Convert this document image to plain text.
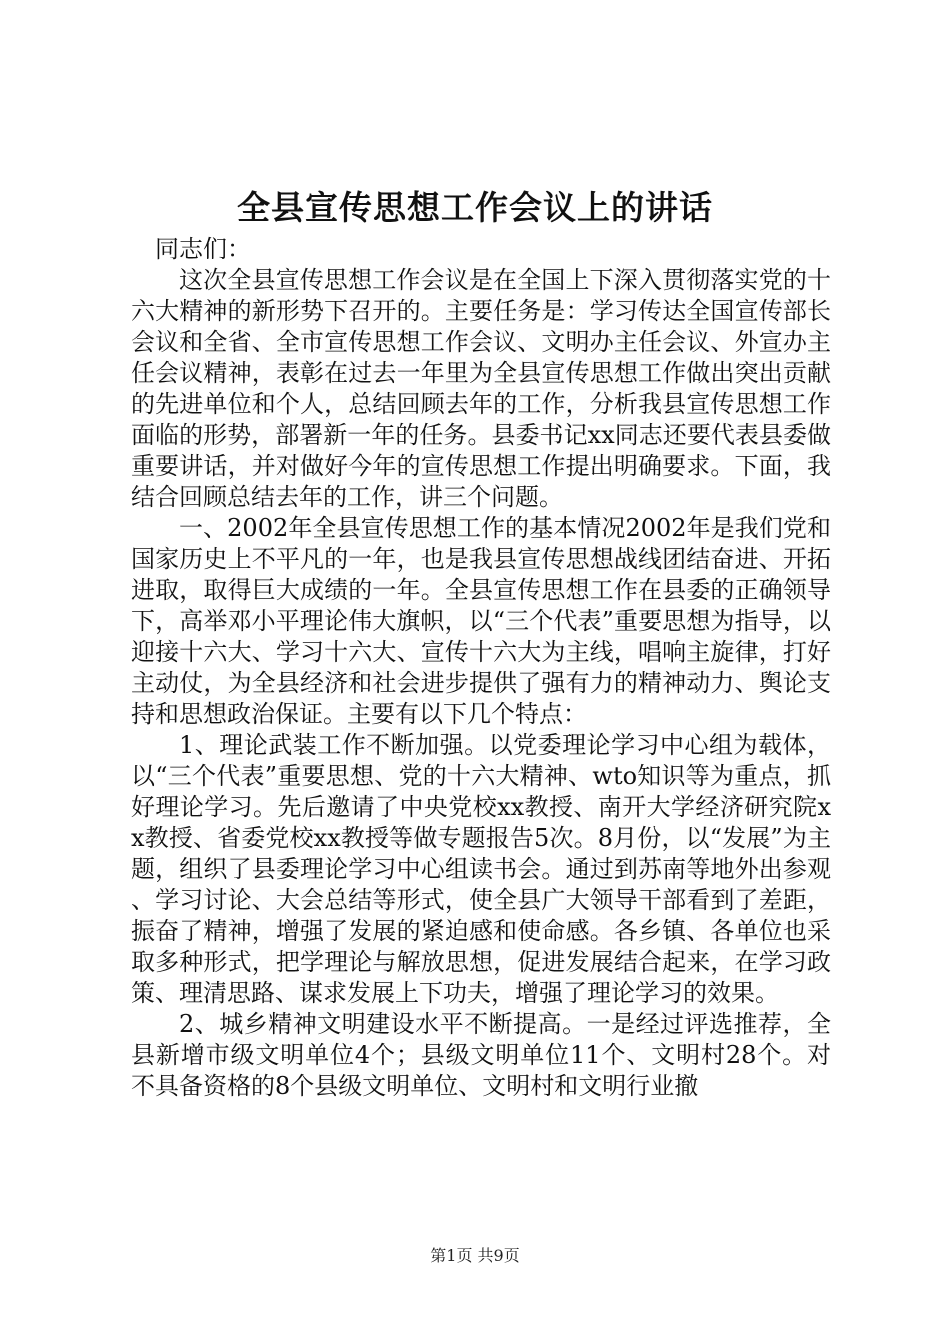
全县宣传思想工作会议上的讲话

同志们：

这次全县宣传思想工作会议是在全国上下深入贯彻落实党的十六大精神的新形势下召开的。主要任务是：学习传达全国宣传部长会议和全省、全市宣传思想工作会议、文明办主任会议、外宣办主任会议精神，表彰在过去一年里为全县宣传思想工作做出突出贡献的先进单位和个人，总结回顾去年的工作，分析我县宣传思想工作面临的形势，部署新一年的任务。县委书记xx同志还要代表县委做重要讲话，并对做好今年的宣传思想工作提出明确要求。下面，我结合回顾总结去年的工作，讲三个问题。

一、2002年全县宣传思想工作的基本情况2002年是我们党和国家历史上不平凡的一年，也是我县宣传思想战线团结奋进、开拓进取，取得巨大成绩的一年。全县宣传思想工作在县委的正确领导下，高举邓小平理论伟大旗帜，以“三个代表”重要思想为指导，以迎接十六大、学习十六大、宣传十六大为主线，唱响主旋律，打好主动仗，为全县经济和社会进步提供了强有力的精神动力、舆论支持和思想政治保证。主要有以下几个特点：

1、理论武装工作不断加强。以党委理论学习中心组为载体，以“三个代表”重要思想、党的十六大精神、wto知识等为重点，抓好理论学习。先后邀请了中央党校xx教授、南开大学经济研究院xx教授、省委党校xx教授等做专题报告5次。8月份，以“发展”为主题，组织了县委理论学习中心组读书会。通过到苏南等地外出参观、学习讨论、大会总结等形式，使全县广大领导干部看到了差距，振奋了精神，增强了发展的紧迫感和使命感。各乡镇、各单位也采取多种形式，把学理论与解放思想，促进发展结合起来，在学习政策、理清思路、谋求发展上下功夫，增强了理论学习的效果。

2、城乡精神文明建设水平不断提高。一是经过评选推荐，全县新增市级文明单位4个；县级文明单位11个、文明村28个。对不具备资格的8个县级文明单位、文明村和文明行业撤

第1页 共9页
